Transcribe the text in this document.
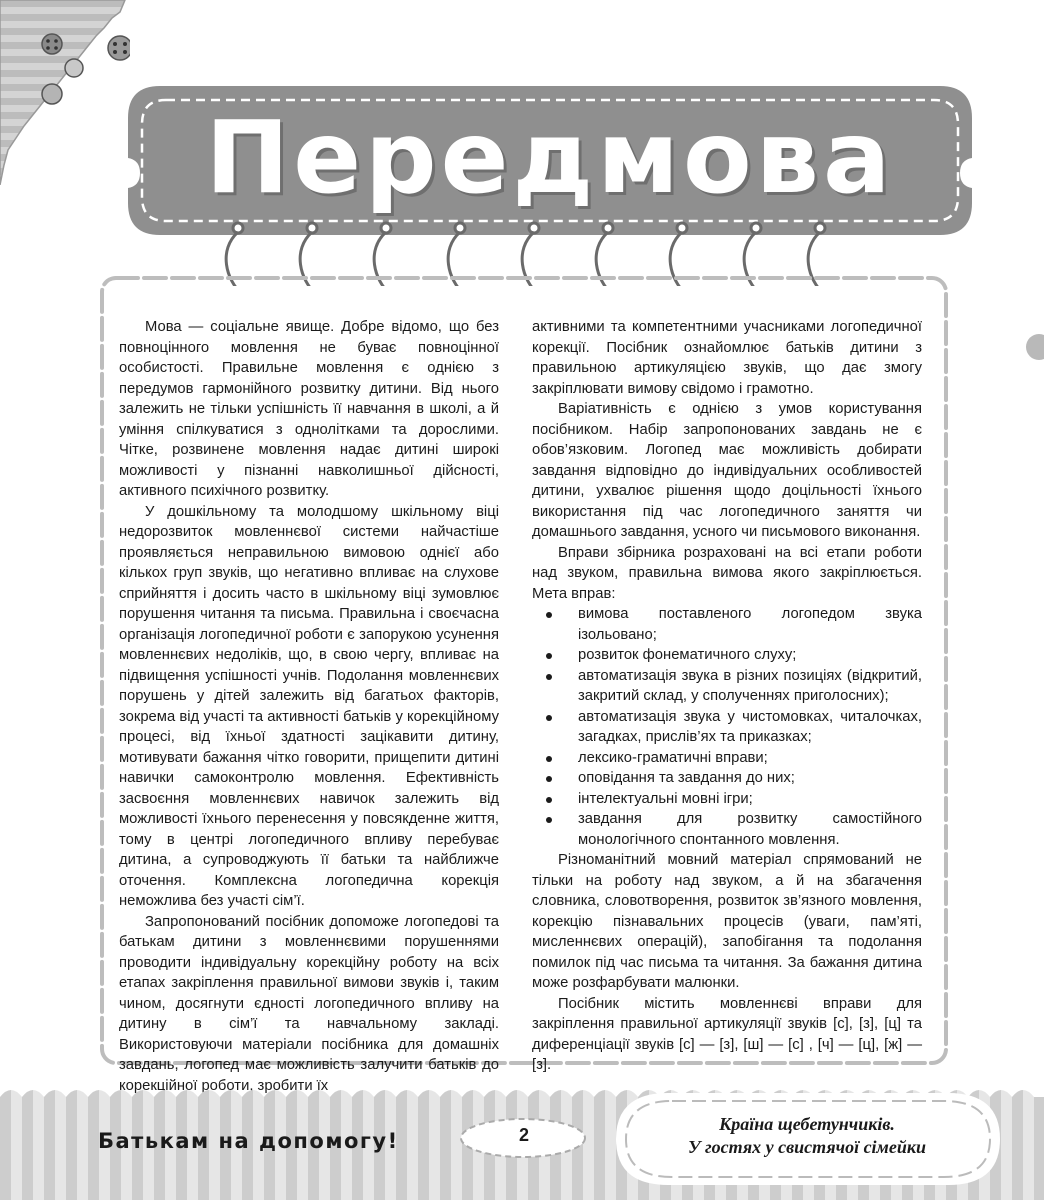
Передмова

Мова — соціальне явище. Добре відомо, що без повноцінного мовлення не буває повноцінної особистості. Правильне мовлення є однією з передумов гармонійного розвитку дитини. Від нього залежить не тільки успішність її навчання в школі, а й уміння спілкуватися з однолітками та дорослими. Чітке, розвинене мовлення надає дитині широкі можливості у пізнанні навколишньої дійсності, активного психічного розвитку.

У дошкільному та молодшому шкільному віці недорозвиток мовленнєвої системи найчастіше проявляється неправильною вимовою однієї або кількох груп звуків, що негативно впливає на слухове сприйняття і досить часто в шкільному віці зумовлює порушення читання та письма. Правильна і своєчасна організація логопедичної роботи є запорукою усунення мовленнєвих недоліків, що, в свою чергу, впливає на підвищення успішності учнів. Подолання мовленнєвих порушень у дітей залежить від багатьох факторів, зокрема від участі та активності батьків у корекційному процесі, від їхньої здатності зацікавити дитину, мотивувати бажання чітко говорити, прищепити дитині навички самоконтролю мовлення. Ефективність засвоєння мовленнєвих навичок залежить від можливості їхнього перенесення у повсякденне життя, тому в центрі логопедичного впливу перебуває дитина, а супроводжують її батьки та найближче оточення. Комплексна логопедична корекція неможлива без участі сім’ї.

Запропонований посібник допоможе логопедові та батькам дитини з мовленнєвими порушеннями проводити індивідуальну корекційну роботу на всіх етапах закріплення правильної вимови звуків і, таким чином, досягнути єдності логопедичного впливу на дитину в сім’ї та навчальному закладі. Використовуючи матеріали посібника для домашніх завдань, логопед має можливість залучити батьків до корекційної роботи, зробити їх

активними та компетентними учасниками логопедичної корекції. Посібник ознайомлює батьків дитини з правильною артикуляцією звуків, що дає змогу закріплювати вимову свідомо і грамотно.

Варіативність є однією з умов користування посібником. Набір запропонованих завдань не є обов’язковим. Логопед має можливість добирати завдання відповідно до індивідуальних особливостей дитини, ухвалює рішення щодо доцільності їхнього використання під час логопедичного заняття чи домашнього завдання, усного чи письмового виконання.

Вправи збірника розраховані на всі етапи роботи над звуком, правильна вимова якого закріплюється. Мета вправ:

вимова поставленого логопедом звука ізольовано;
розвиток фонематичного слуху;
автоматизація звука в різних позиціях (відкритий, закритий склад, у сполученнях приголосних);
автоматизація звука у чистомовках, читалочках, загадках, прислів’ях та приказках;
лексико-граматичні вправи;
оповідання та завдання до них;
інтелектуальні мовні ігри;
завдання для розвитку самостійного монологічного спонтанного мовлення.

Різноманітний мовний матеріал спрямований не тільки на роботу над звуком, а й на збагачення словника, словотворення, розвиток зв’язного мовлення, корекцію пізнавальних процесів (уваги, пам’яті, мисленнєвих операцій), запобігання та подолання помилок під час письма та читання. За бажання дитина може розфарбувати малюнки.

Посібник містить мовленнєві вправи для закріплення правильної артикуляції звуків [с], [з], [ц] та диференціації звуків [с] — [з], [ш] — [с] , [ч] — [ц], [ж] — [з].

Батькам на допомогу!	2
Країна щебетунчиків.
У гостях у свистячої сімейки
